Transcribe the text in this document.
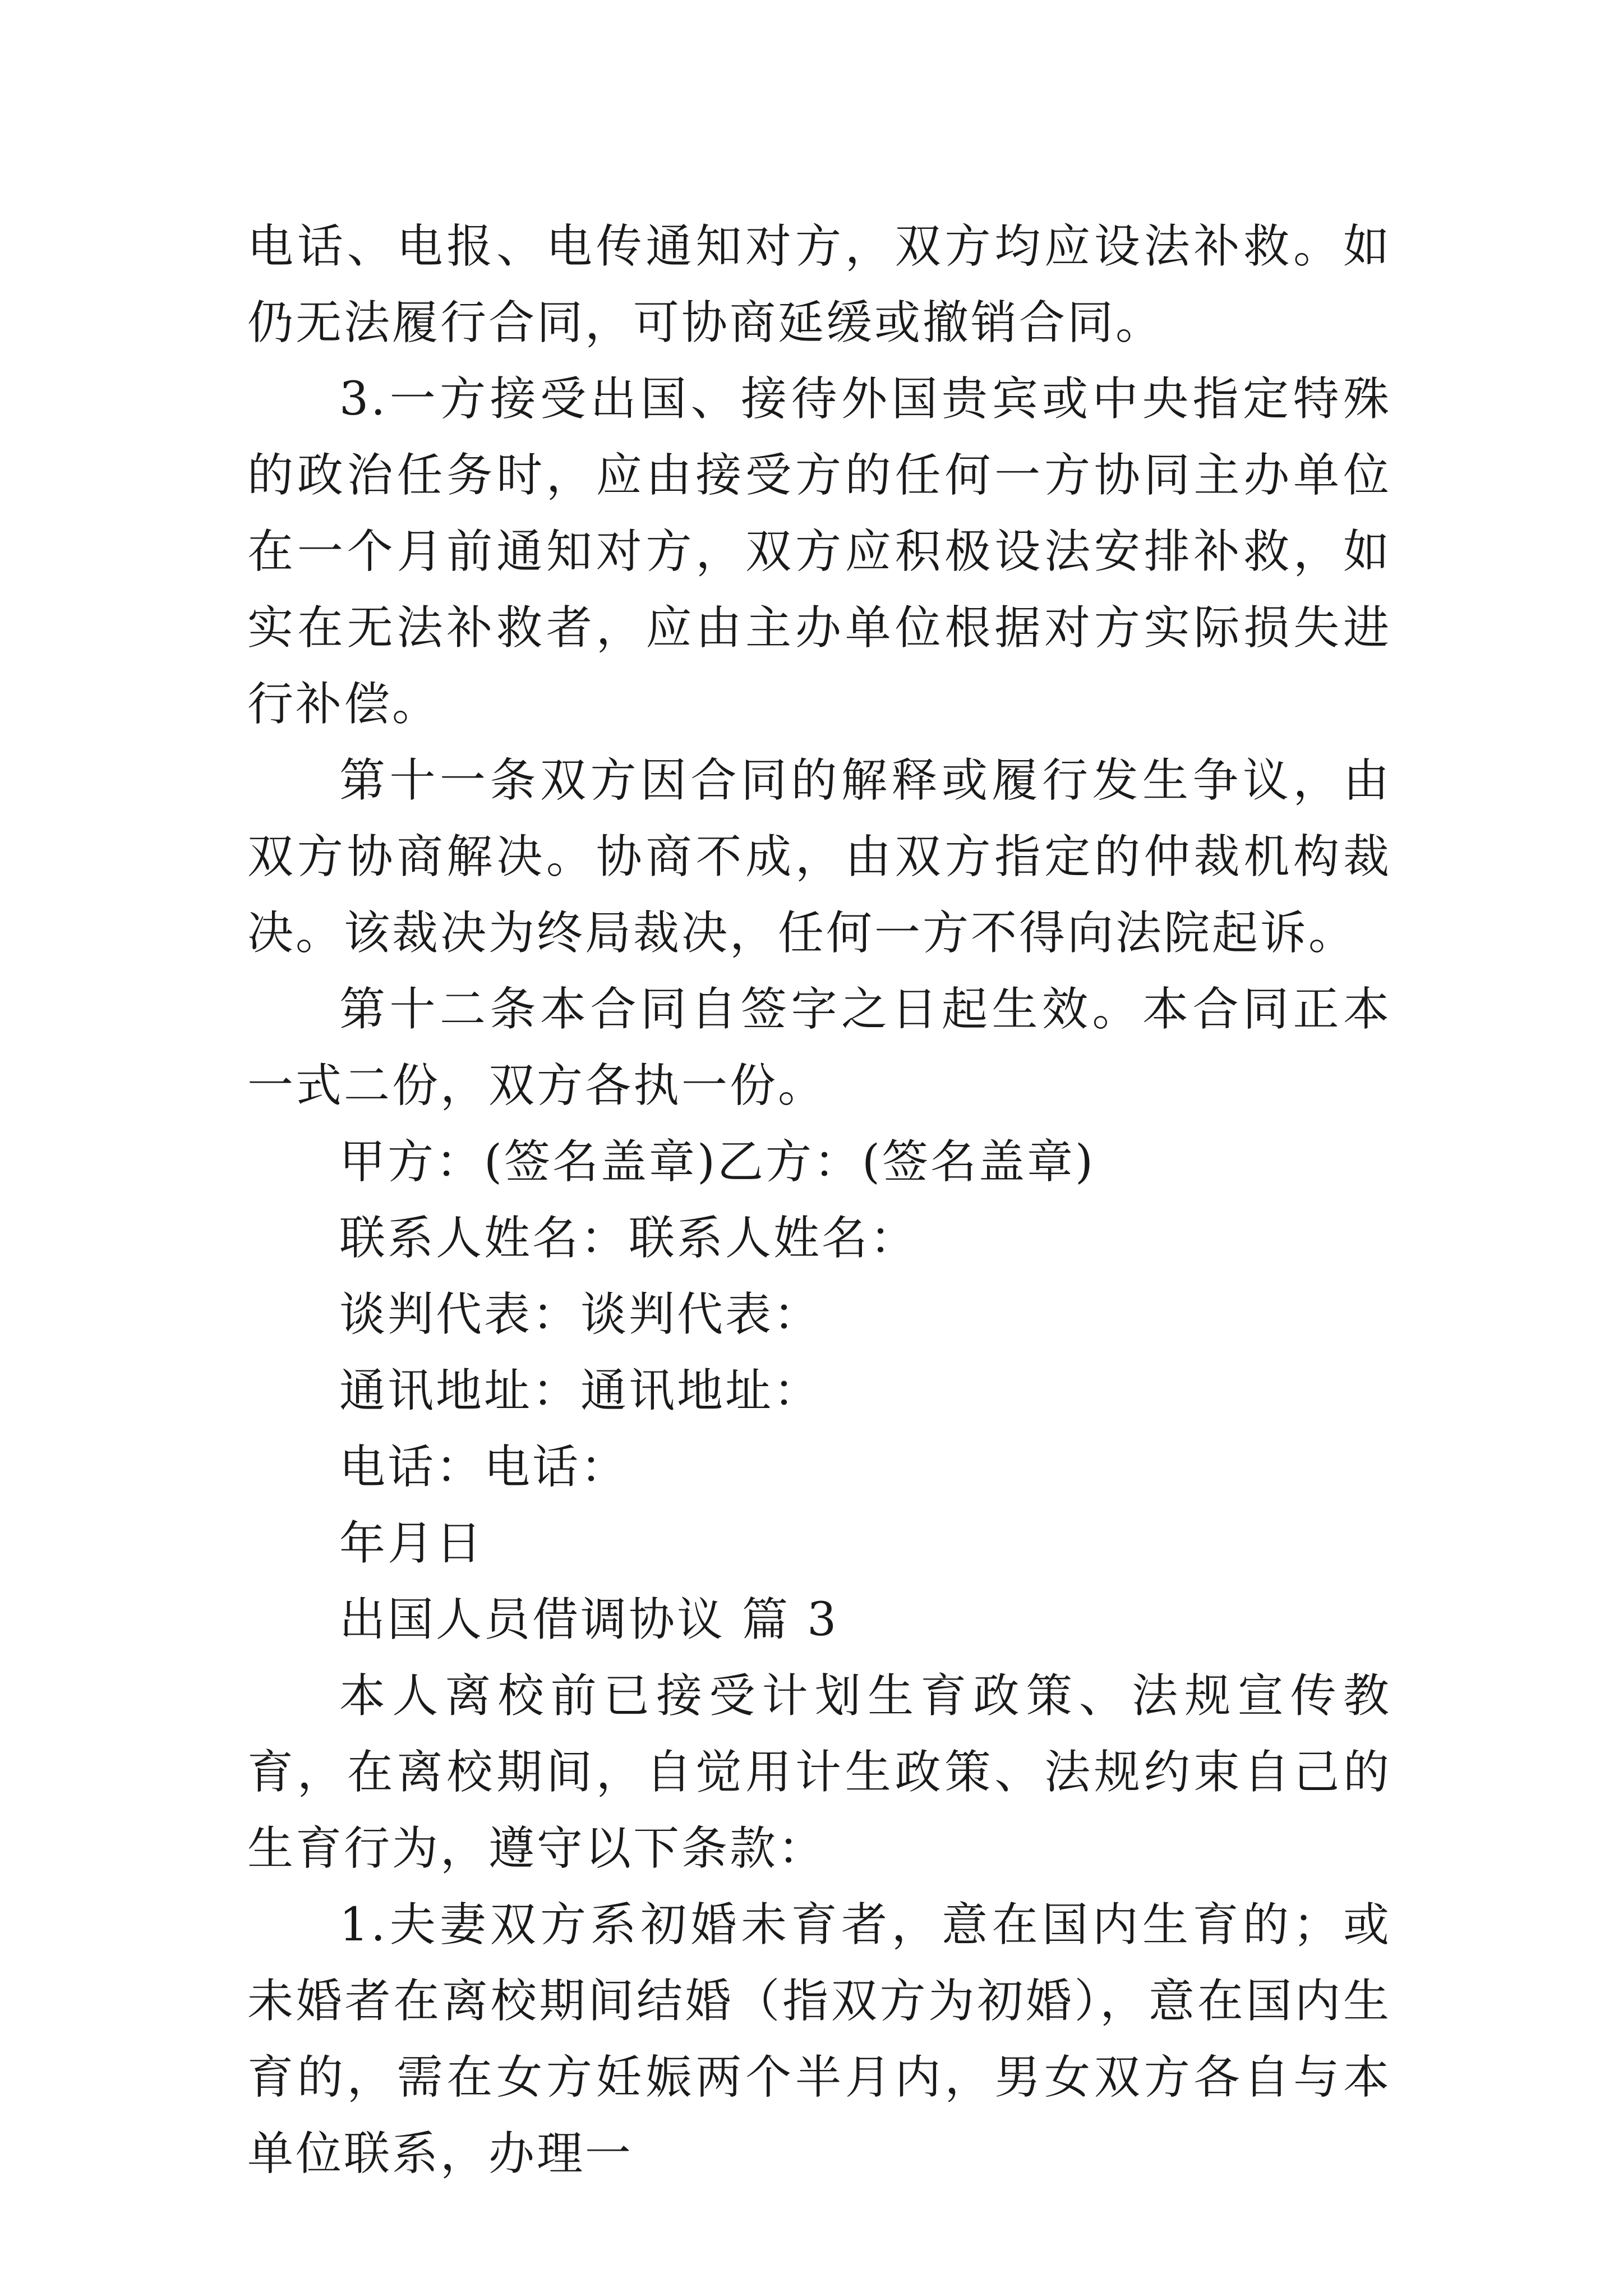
电话、电报、电传通知对方，双方均应设法补救。如仍无法履行合同，可协商延缓或撤销合同。

3.一方接受出国、接待外国贵宾或中央指定特殊的政治任务时，应由接受方的任何一方协同主办单位在一个月前通知对方，双方应积极设法安排补救，如实在无法补救者，应由主办单位根据对方实际损失进行补偿。

第十一条双方因合同的解释或履行发生争议，由双方协商解决。协商不成，由双方指定的仲裁机构裁决。该裁决为终局裁决，任何一方不得向法院起诉。

第十二条本合同自签字之日起生效。本合同正本一式二份，双方各执一份。

甲方：(签名盖章)乙方：(签名盖章)

联系人姓名：联系人姓名：

谈判代表：谈判代表：

通讯地址：通讯地址：

电话：电话：

年月日

出国人员借调协议 篇 3

本人离校前已接受计划生育政策、法规宣传教育，在离校期间，自觉用计生政策、法规约束自己的生育行为，遵守以下条款：

1.夫妻双方系初婚未育者，意在国内生育的；或未婚者在离校期间结婚（指双方为初婚），意在国内生育的，需在女方妊娠两个半月内，男女双方各自与本单位联系，办理一
